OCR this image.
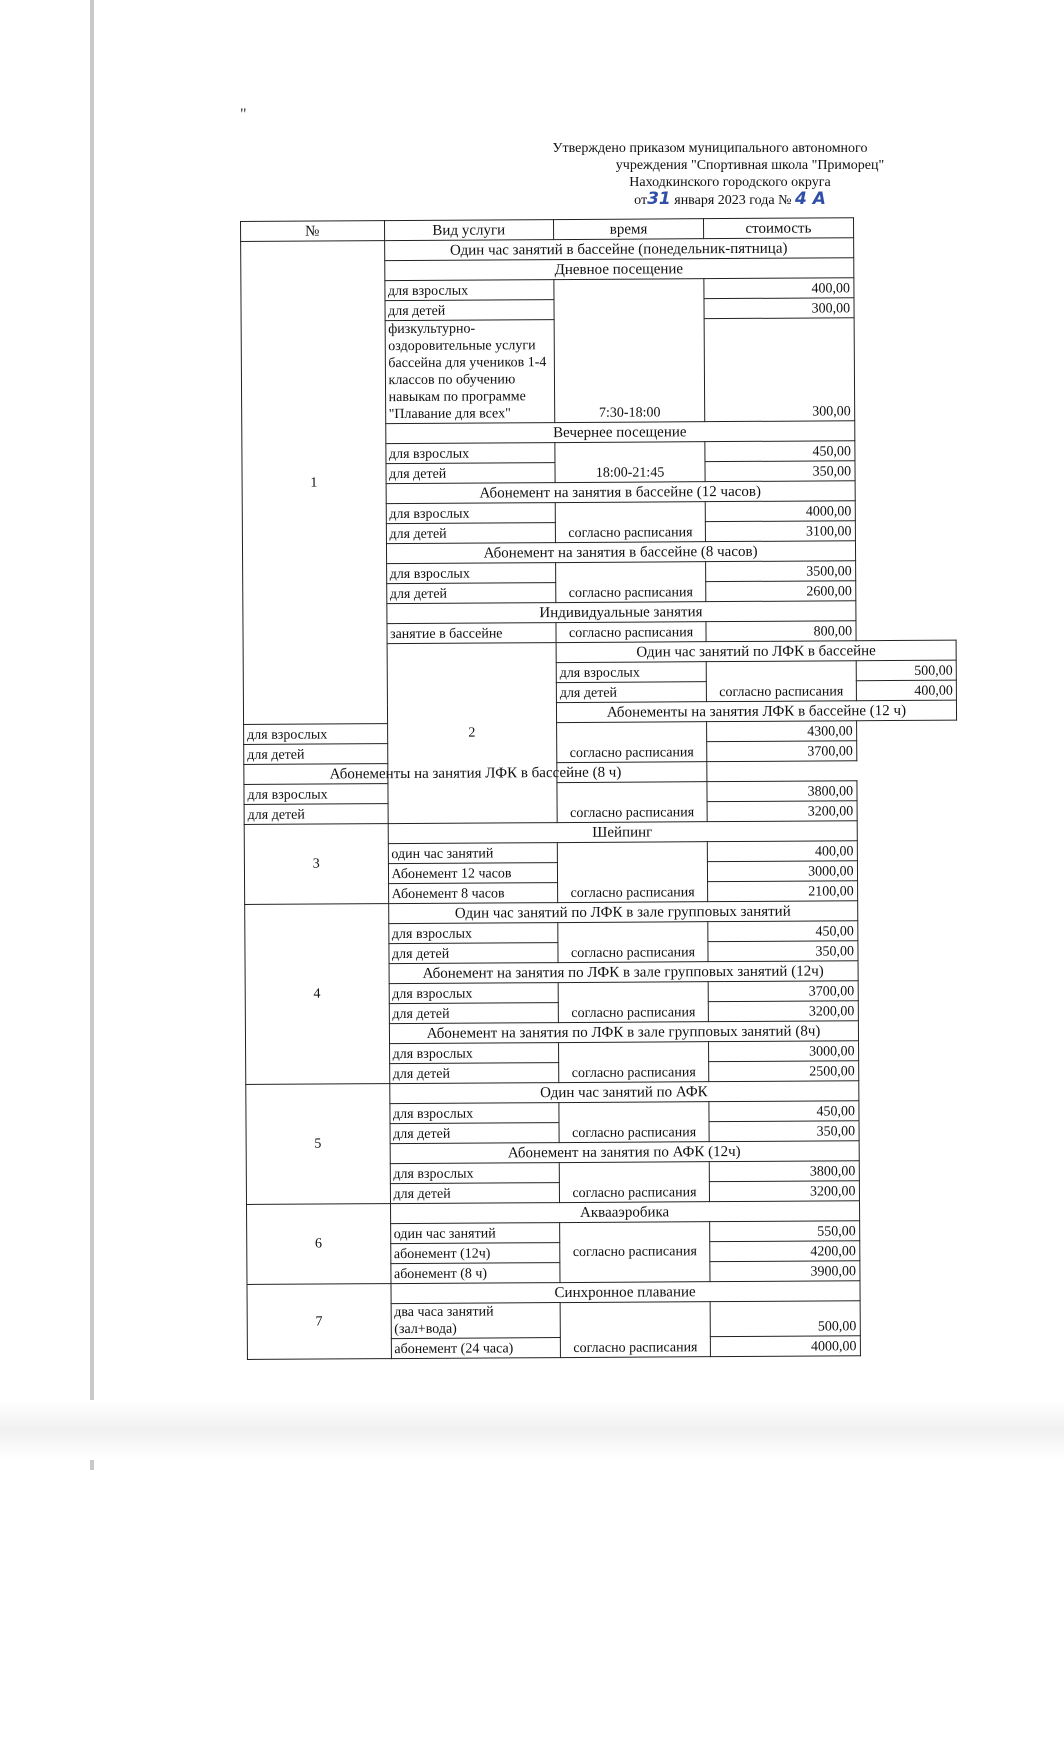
"
Утверждено приказом муниципального автономного
учреждения "Спортивная школа "Приморец"
Находкинского городского округа
от31 января 2023 года № 4 А
№	Вид услуги	время	стоимость	
1	Один час занятий в бассейне (понедельник-пятница)			
	Дневное посещение			
	для взрослых	7:30-18:00	400,00	
	для детей		300,00	
	физкультурно-оздоровительные услуги бассейна для учеников 1-4 классов по обучению навыкам по программе "Плавание для всех"		300,00	
	Вечернее посещение			
	для взрослых	18:00-21:45	450,00	
	для детей		350,00	
	Абонемент на занятия в бассейне (12 часов)			
	для взрослых	согласно расписания	4000,00	
	для детей		3100,00	
	Абонемент на занятия в бассейне (8 часов)			
	для взрослых	согласно расписания	3500,00	
	для детей		2600,00	
	Индивидуальные занятия			
	занятие в бассейне	согласно расписания	800,00	
	2	Один час занятий по ЛФК в бассейне		
		для взрослых	согласно расписания	500,00
		для детей		400,00
		Абонементы на занятия ЛФК в бассейне (12 ч)		
для взрослых		согласно расписания	4300,00	
для детей			3700,00	
Абонементы на занятия ЛФК в бассейне (8 ч)				
для взрослых		согласно расписания	3800,00	
для детей			3200,00	
3	Шейпинг			
	один час занятий	согласно расписания	400,00	
	Абонемент 12 часов		3000,00	
	Абонемент 8 часов		2100,00	
4	Один час занятий по ЛФК в зале групповых занятий			
	для взрослых	согласно расписания	450,00	
	для детей		350,00	
	Абонемент на занятия по ЛФК в зале групповых занятий (12ч)			
	для взрослых	согласно расписания	3700,00	
	для детей		3200,00	
	Абонемент на занятия по ЛФК в зале групповых занятий (8ч)			
	для взрослых	согласно расписания	3000,00	
	для детей		2500,00	
5	Один час занятий по АФК			
	для взрослых	согласно расписания	450,00	
	для детей		350,00	
	Абонемент на занятия по АФК (12ч)			
	для взрослых	согласно расписания	3800,00	
	для детей		3200,00	
6	Аквааэробика			
	один час занятий	согласно расписания	550,00	
	абонемент (12ч)		4200,00	
	абонемент (8 ч)		3900,00	
7	Синхронное плавание			
	два часа занятий (зал+вода)	согласно расписания	500,00	
	абонемент (24 часа)		4000,00	
